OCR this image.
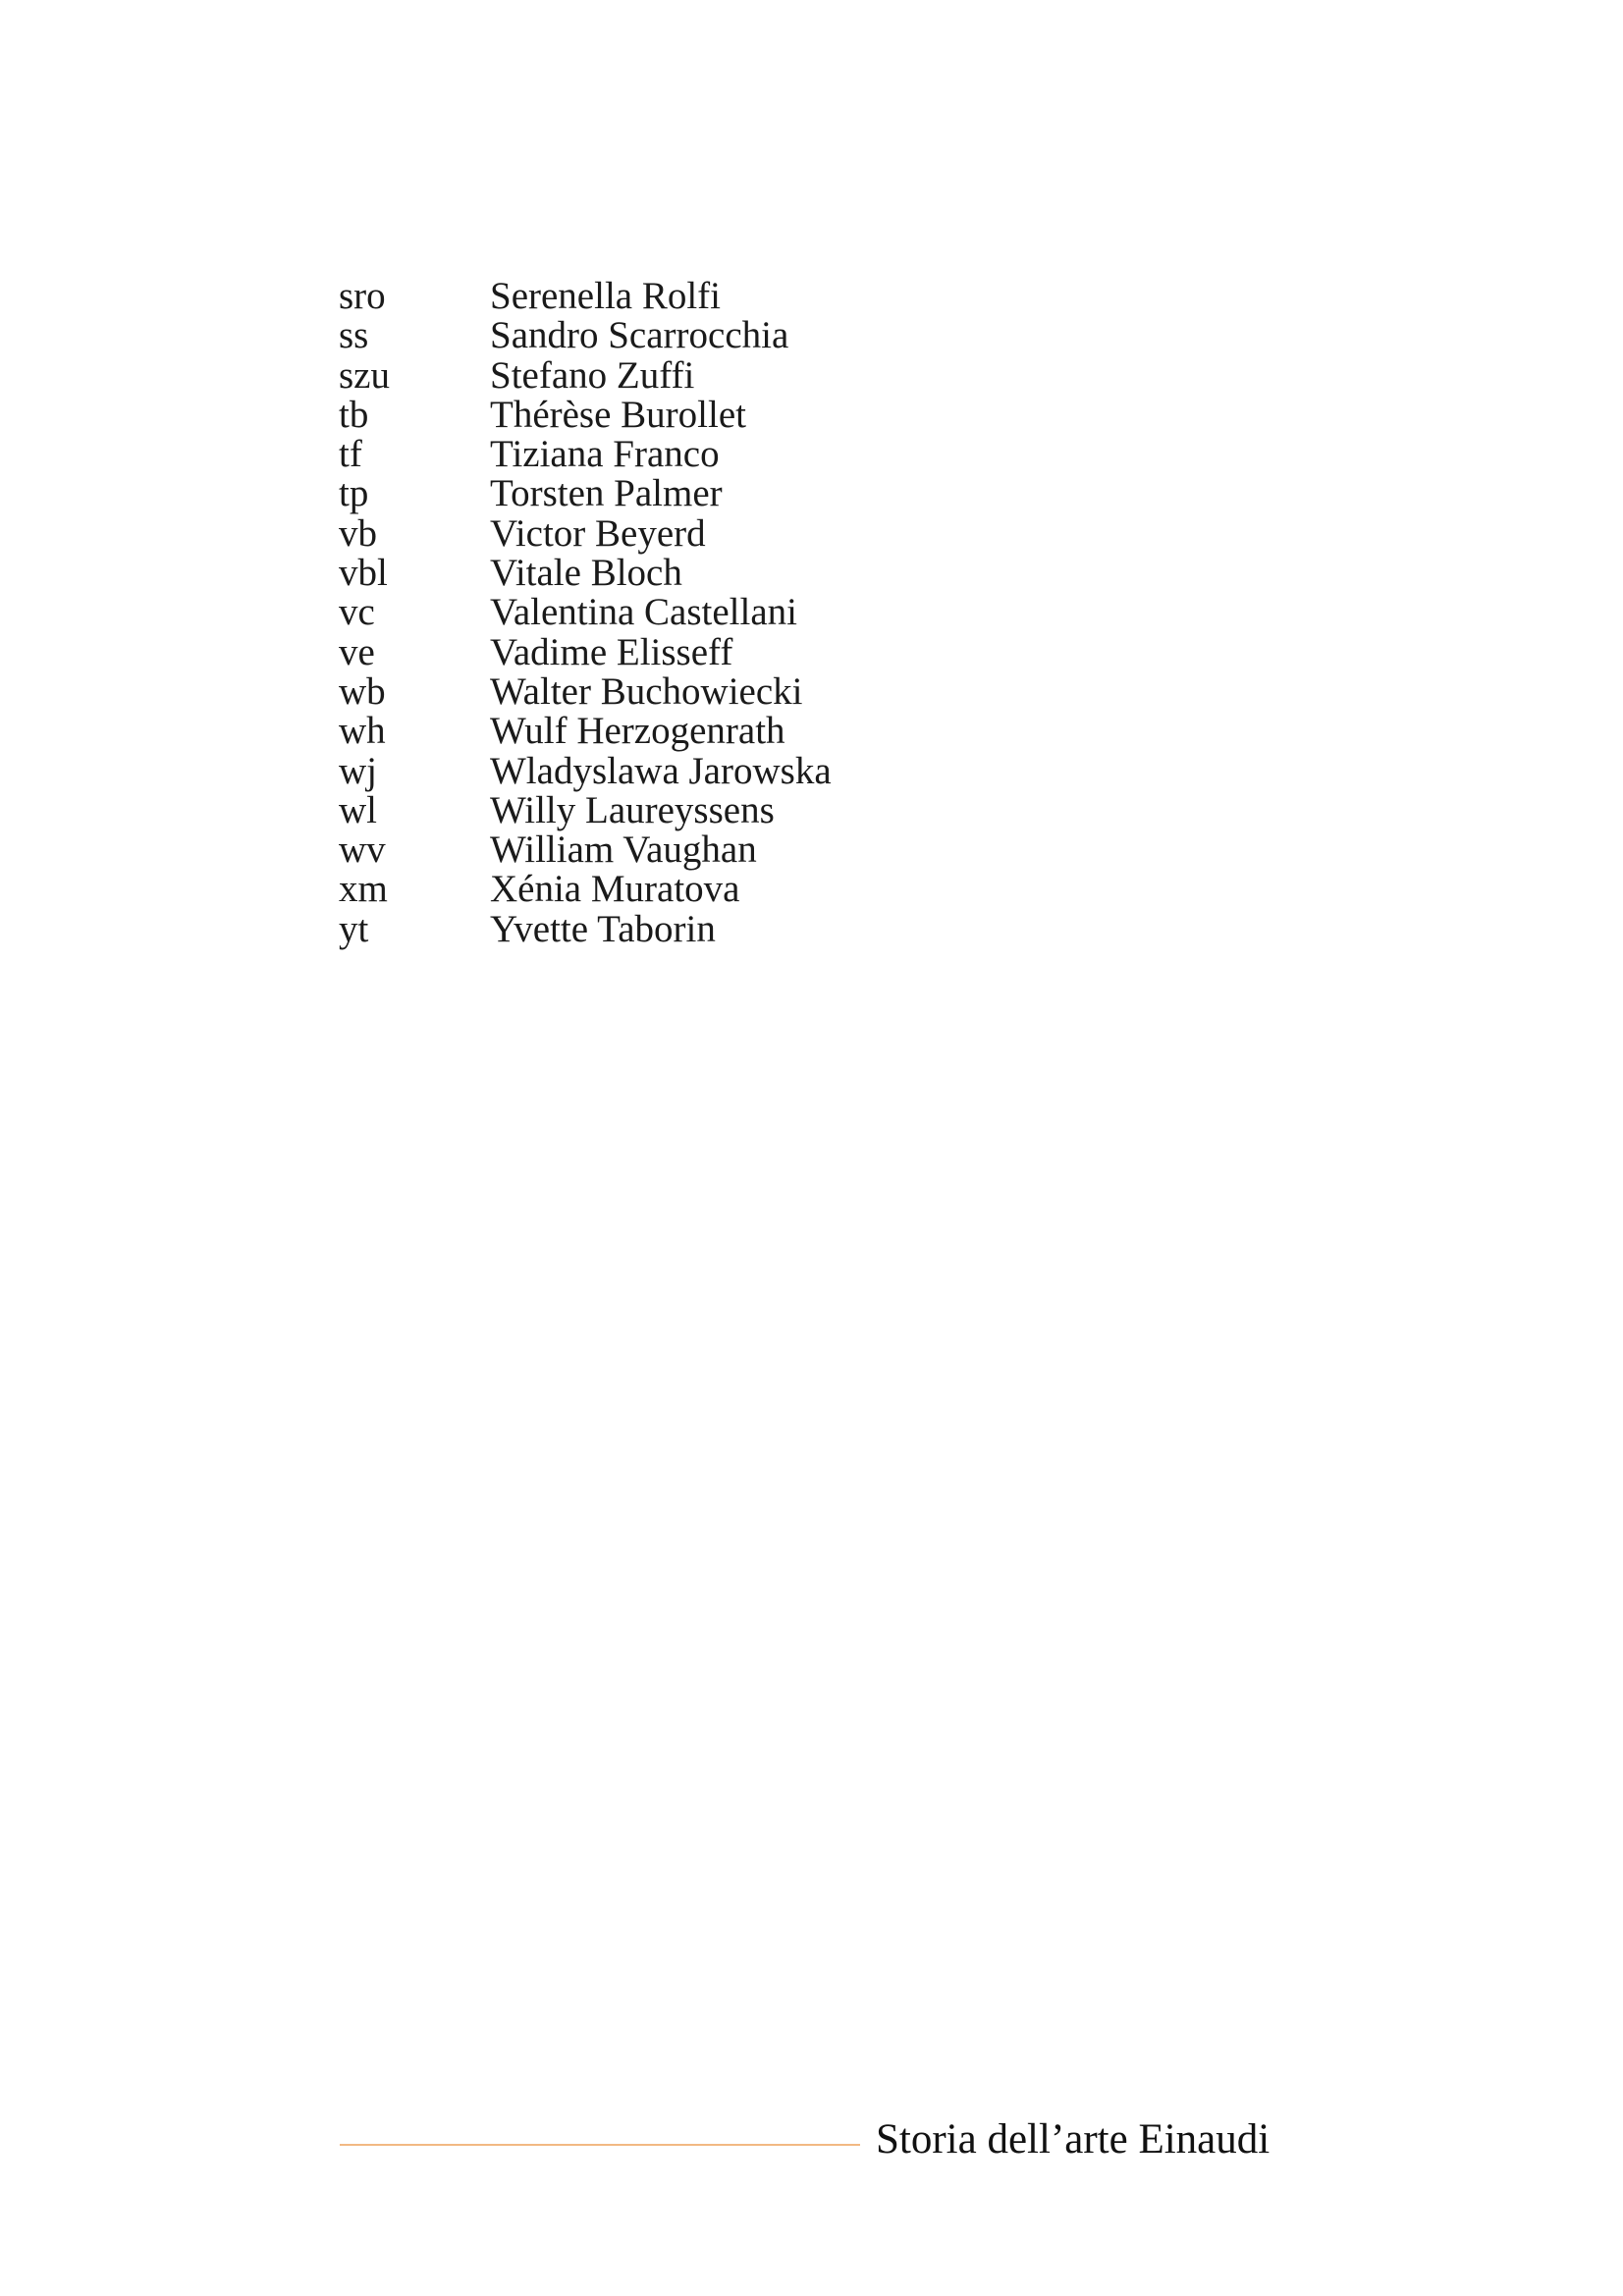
sro	Serenella Rolfi
ss	Sandro Scarrocchia
szu	Stefano Zuffi
tb	Thérèse Burollet
tf	Tiziana Franco
tp	Torsten Palmer
vb	Victor Beyerd
vbl	Vitale Bloch
vc	Valentina Castellani
ve	Vadime Elisseff
wb	Walter Buchowiecki
wh	Wulf Herzogenrath
wj	Wladyslawa Jarowska
wl	Willy Laureyssens
wv	William Vaughan
xm	Xénia Muratova
yt	Yvette Taborin
Storia dell’arte Einaudi
